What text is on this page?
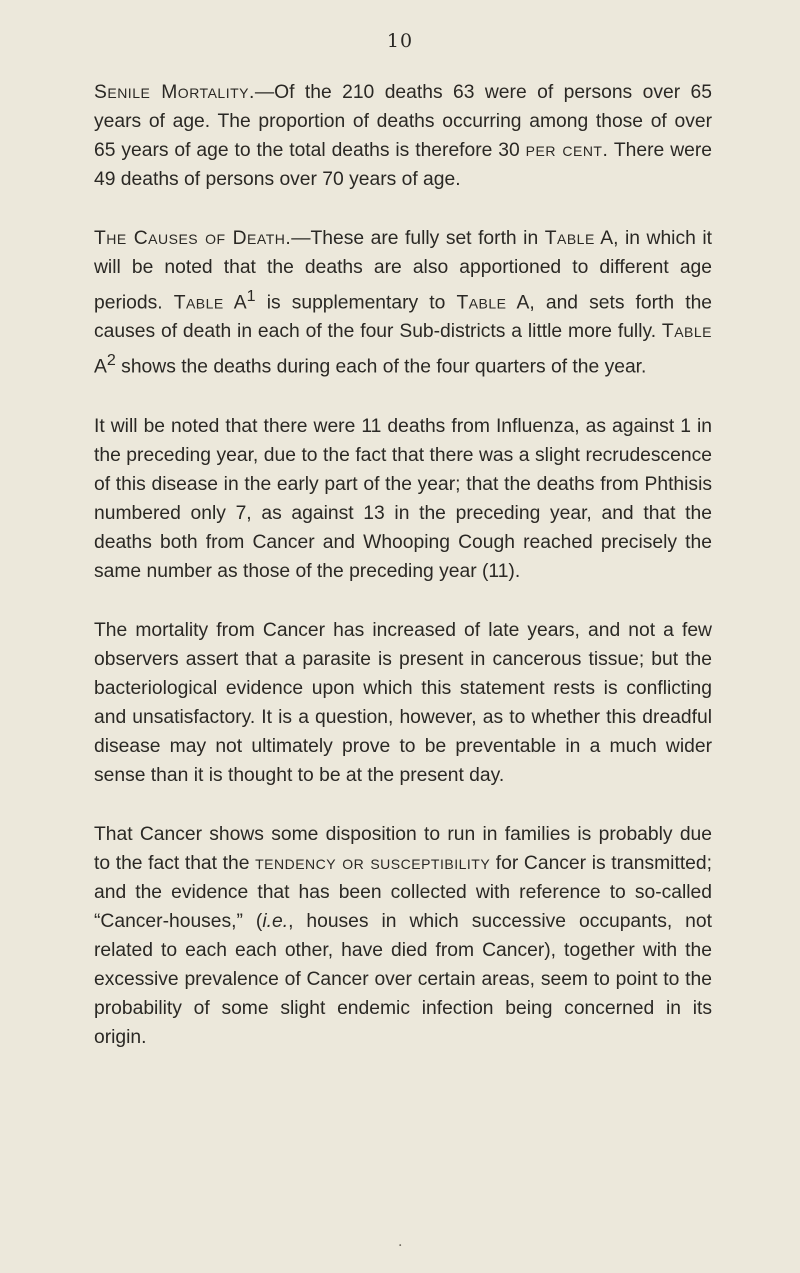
10

Senile Mortality.—Of the 210 deaths 63 were of persons over 65 years of age. The proportion of deaths occurring among those of over 65 years of age to the total deaths is therefore 30 per cent. There were 49 deaths of persons over 70 years of age.

The Causes of Death.—These are fully set forth in Table A, in which it will be noted that the deaths are also apportioned to different age periods. Table $A^1$ is supplementary to Table A, and sets forth the causes of death in each of the four Sub-districts a little more fully. Table $A^2$ shows the deaths during each of the four quarters of the year.

It will be noted that there were 11 deaths from Influenza, as against 1 in the preceding year, due to the fact that there was a slight recrudescence of this disease in the early part of the year; that the deaths from Phthisis numbered only 7, as against 13 in the preceding year, and that the deaths both from Cancer and Whooping Cough reached precisely the same number as those of the preceding year (11).

The mortality from Cancer has increased of late years, and not a few observers assert that a parasite is present in cancerous tissue; but the bacteriological evidence upon which this statement rests is conflicting and unsatisfactory. It is a question, however, as to whether this dreadful disease may not ultimately prove to be preventable in a much wider sense than it is thought to be at the present day.

That Cancer shows some disposition to run in families is probably due to the fact that the tendency or susceptibility for Cancer is transmitted; and the evidence that has been collected with reference to so-called “Cancer-houses,” (i.e., houses in which successive occupants, not related to each each other, have died from Cancer), together with the excessive prevalence of Cancer over certain areas, seem to point to the probability of some slight endemic infection being concerned in its origin.

·
